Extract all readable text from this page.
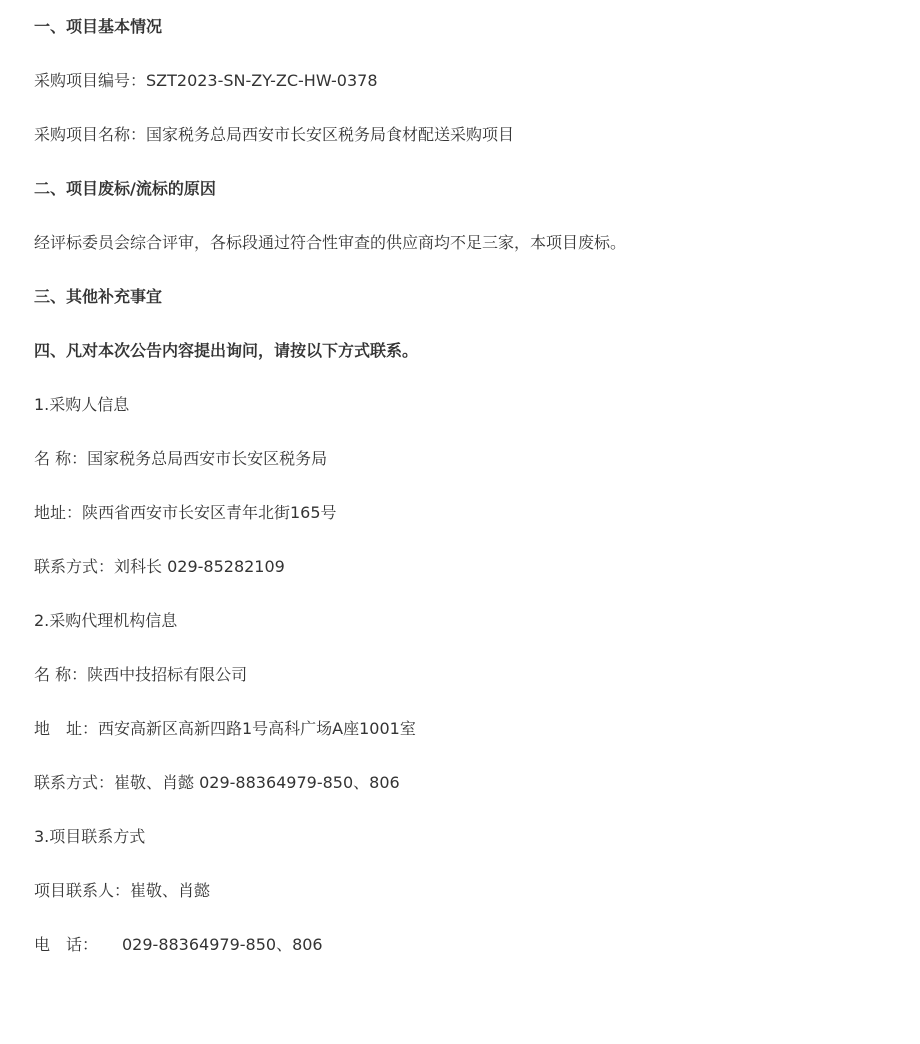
一、项目基本情况
采购项目编号：SZT2023-SN-ZY-ZC-HW-0378
采购项目名称：国家税务总局西安市长安区税务局食材配送采购项目
二、项目废标/流标的原因
经评标委员会综合评审，各标段通过符合性审查的供应商均不足三家，本项目废标。
三、其他补充事宜
四、凡对本次公告内容提出询问，请按以下方式联系。
1.采购人信息
名 称：国家税务总局西安市长安区税务局
地址：陕西省西安市长安区青年北街165号
联系方式：刘科长 029-85282109
2.采购代理机构信息
名 称：陕西中技招标有限公司
地　址：西安高新区高新四路1号高科广场A座1001室
联系方式：崔敬、肖懿 029-88364979-850、806
3.项目联系方式
项目联系人：崔敬、肖懿
电　话：　　029-88364979-850、806
